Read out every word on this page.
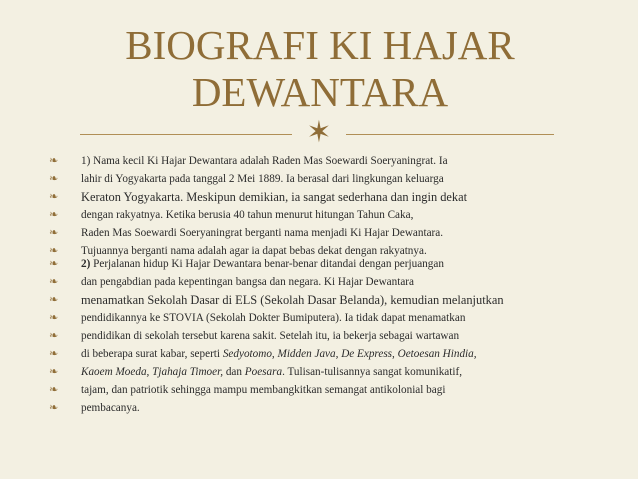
BIOGRAFI KI HAJAR
DEWANTARA
✶
❧	1) Nama kecil Ki Hajar Dewantara adalah Raden Mas Soewardi Soeryaningrat. Ia
❧	lahir di Yogyakarta pada tanggal 2 Mei 1889. Ia berasal dari lingkungan keluarga
❧	Keraton Yogyakarta. Meskipun demikian, ia sangat sederhana dan ingin dekat
❧	dengan rakyatnya. Ketika berusia 40 tahun menurut hitungan Tahun Caka,
❧	Raden Mas Soewardi Soeryaningrat berganti nama menjadi Ki Hajar Dewantara.
❧	Tujuannya berganti nama adalah agar ia dapat bebas dekat dengan rakyatnya.
❧	2) Perjalanan hidup Ki Hajar Dewantara benar-benar ditandai dengan perjuangan
❧	dan pengabdian pada kepentingan bangsa dan negara. Ki Hajar Dewantara
❧	menamatkan Sekolah Dasar di ELS (Sekolah Dasar Belanda), kemudian melanjutkan
❧	pendidikannya ke STOVIA (Sekolah Dokter Bumiputera). Ia tidak dapat menamatkan
❧	pendidikan di sekolah tersebut karena sakit. Setelah itu, ia bekerja sebagai wartawan
❧	di beberapa surat kabar, seperti Sedyotomo, Midden Java, De Express, Oetoesan Hindia,
❧	Kaoem Moeda, Tjahaja Timoer, dan Poesara. Tulisan-tulisannya sangat komunikatif,
❧	tajam, dan patriotik sehingga mampu membangkitkan semangat antikolonial bagi
❧	pembacanya.
